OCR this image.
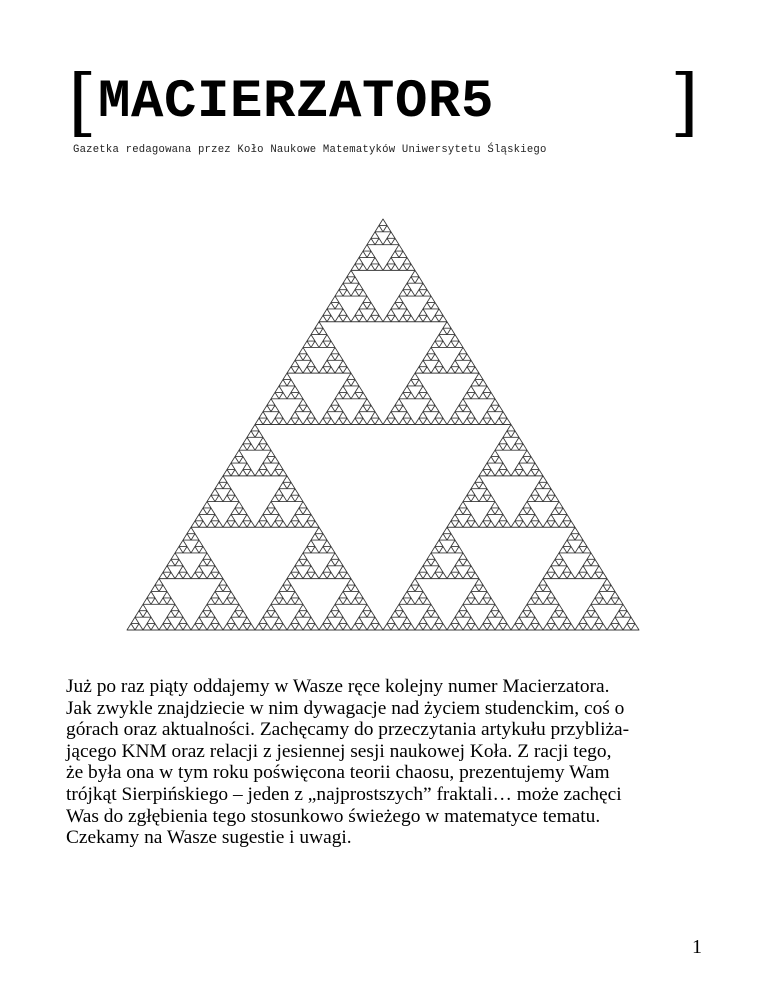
[ MACIERZATOR5 ]
Gazetka redagowana przez Koło Naukowe Matematyków Uniwersytetu Śląskiego
Już po raz piąty oddajemy w Wasze ręce kolejny numer Macierzatora.
Jak zwykle znajdziecie w nim dywagacje nad życiem studenckim, coś o
górach oraz aktualności. Zachęcamy do przeczytania artykułu przybliża-
jącego KNM oraz relacji z jesiennej sesji naukowej Koła. Z racji tego,
że była ona w tym roku poświęcona teorii chaosu, prezentujemy Wam
trójkąt Sierpińskiego – jeden z „najprostszych” fraktali… może zachęci
Was do zgłębienia tego stosunkowo świeżego w matematyce tematu.
Czekamy na Wasze sugestie i uwagi.
1
